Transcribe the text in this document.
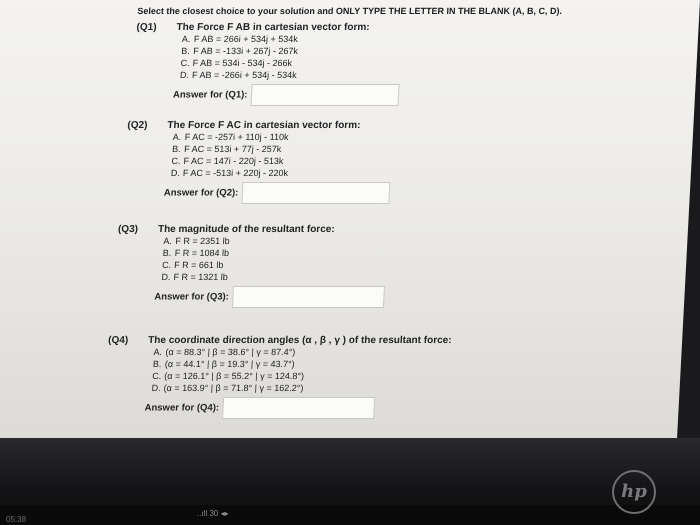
Select the closest choice to your solution and ONLY TYPE THE LETTER IN THE BLANK (A, B, C, D).
(Q1) The Force F AB in cartesian vector form:
A. F AB = 266i + 534j + 534k
B. F AB = -133i + 267j - 267k
C. F AB = 534i - 534j - 266k
D. F AB = -266i + 534j - 534k
Answer for (Q1):
(Q2) The Force F AC in cartesian vector form:
A. F AC = -257i + 110j - 110k
B. F AC = 513i + 77j - 257k
C. F AC = 147i - 220j - 513k
D. F AC = -513i + 220j - 220k
Answer for (Q2):
(Q3) The magnitude of the resultant force:
A. F R = 2351 lb
B. F R = 1084 lb
C. F R = 661 lb
D. F R = 1321 lb
Answer for (Q3):
(Q4) The coordinate direction angles (α , β , γ ) of the resultant force:
A. (α = 88.3° | β = 38.6° | γ = 87.4°)
B. (α = 44.1° | β = 19.3° | γ = 43.7°)
C. (α = 126.1° | β = 55.2° | γ = 124.8°)
D. (α = 163.9° | β = 71.8° | γ = 162.2°)
Answer for (Q4):
hp
05:38
..ıll 30 ◂▸
